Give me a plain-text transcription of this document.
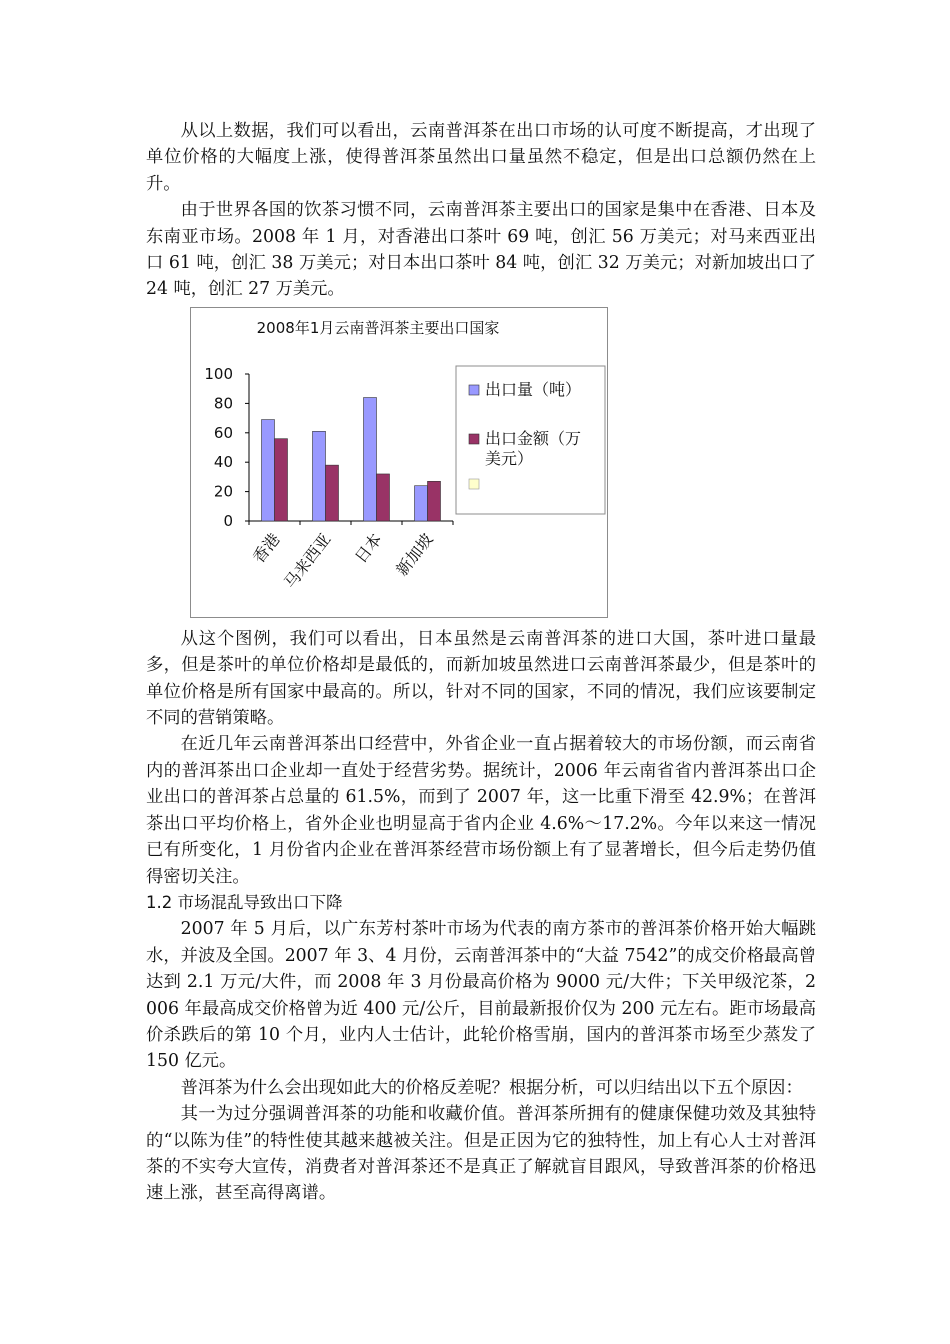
从以上数据，我们可以看出，云南普洱茶在出口市场的认可度不断提高，才出现了单位价格的大幅度上涨，使得普洱茶虽然出口量虽然不稳定，但是出口总额仍然在上升。

由于世界各国的饮茶习惯不同，云南普洱茶主要出口的国家是集中在香港、日本及东南亚市场。2008 年 1 月，对香港出口茶叶 69 吨，创汇 56 万美元；对马来西亚出口 61 吨，创汇 38 万美元；对日本出口茶叶 84 吨，创汇 32 万美元；对新加坡出口了 24 吨，创汇 27 万美元。

2008年1月云南普洱茶主要出口国家
0
20
40
60
80
100
香港
马来西亚 日本 新加坡
出口量（吨）
出口金额（万
美元）

从这个图例，我们可以看出，日本虽然是云南普洱茶的进口大国，茶叶进口量最多，但是茶叶的单位价格却是最低的，而新加坡虽然进口云南普洱茶最少，但是茶叶的单位价格是所有国家中最高的。所以，针对不同的国家，不同的情况，我们应该要制定不同的营销策略。

在近几年云南普洱茶出口经营中，外省企业一直占据着较大的市场份额，而云南省内的普洱茶出口企业却一直处于经营劣势。据统计，2006 年云南省省内普洱茶出口企业出口的普洱茶占总量的 61.5%，而到了 2007 年，这一比重下滑至 42.9%；在普洱茶出口平均价格上，省外企业也明显高于省内企业 4.6%～17.2%。今年以来这一情况已有所变化，1 月份省内企业在普洱茶经营市场份额上有了显著增长，但今后走势仍值得密切关注。

1.2 市场混乱导致出口下降

2007 年 5 月后，以广东芳村茶叶市场为代表的南方茶市的普洱茶价格开始大幅跳水，并波及全国。2007 年 3、4 月份，云南普洱茶中的“大益 7542”的成交价格最高曾达到 2.1 万元/大件，而 2008 年 3 月份最高价格为 9000 元/大件；下关甲级沱茶，2006 年最高成交价格曾为近 400 元/公斤，目前最新报价仅为 200 元左右。距市场最高价杀跌后的第 10 个月，业内人士估计，此轮价格雪崩，国内的普洱茶市场至少蒸发了 150 亿元。

普洱茶为什么会出现如此大的价格反差呢？根据分析，可以归结出以下五个原因：

其一为过分强调普洱茶的功能和收藏价值。普洱茶所拥有的健康保健功效及其独特的“以陈为佳”的特性使其越来越被关注。但是正因为它的独特性，加上有心人士对普洱茶的不实夸大宣传，消费者对普洱茶还不是真正了解就盲目跟风，导致普洱茶的价格迅速上涨，甚至高得离谱。
